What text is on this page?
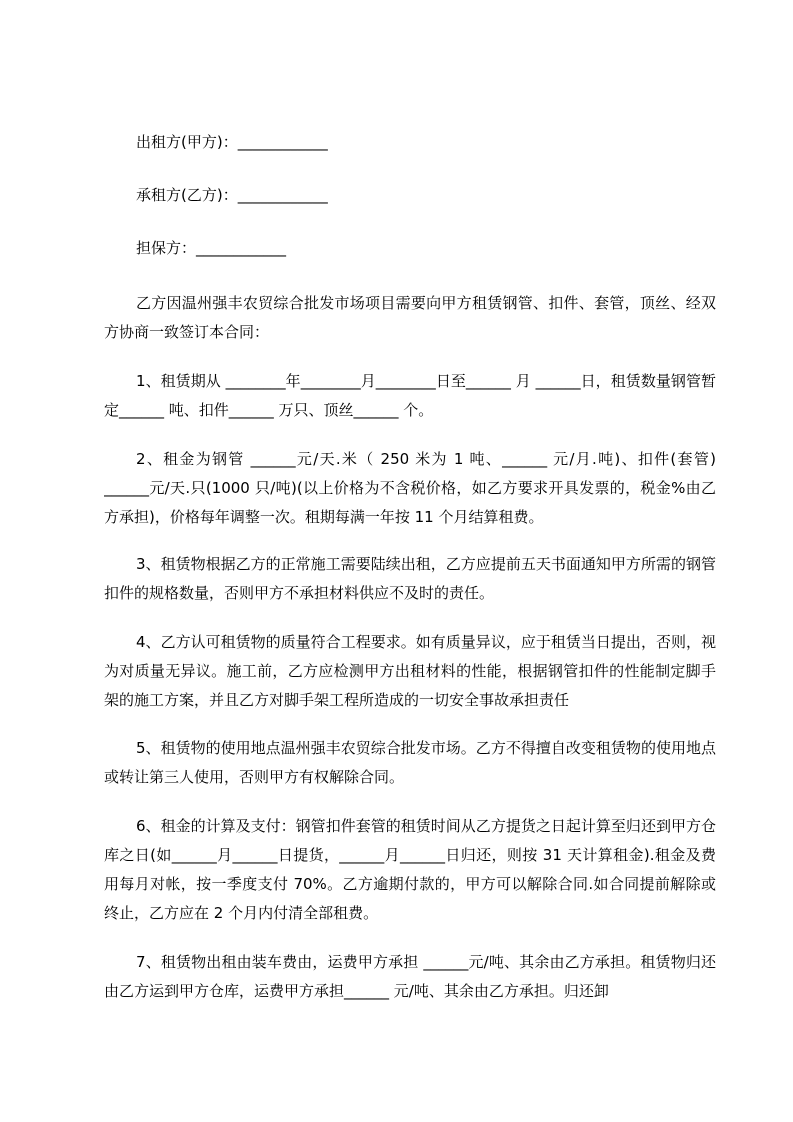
出租方(甲方)：____________
承租方(乙方)：____________
担保方：____________

乙方因温州强丰农贸综合批发市场项目需要向甲方租赁钢管、扣件、套管，顶丝、经双方协商一致签订本合同：

1、租赁期从 ________年________月________日至______ 月 ______日，租赁数量钢管暂定______ 吨、扣件______ 万只、顶丝______ 个。

2、租金为钢管 ______元/天.米（ 250 米为 1 吨、______ 元/月.吨)、扣件(套管) ______元/天.只(1000 只/吨)(以上价格为不含税价格，如乙方要求开具发票的，税金%由乙方承担)，价格每年调整一次。租期每满一年按 11 个月结算租费。

3、租赁物根据乙方的正常施工需要陆续出租，乙方应提前五天书面通知甲方所需的钢管扣件的规格数量，否则甲方不承担材料供应不及时的责任。

4、乙方认可租赁物的质量符合工程要求。如有质量异议，应于租赁当日提出，否则，视为对质量无异议。施工前，乙方应检测甲方出租材料的性能，根据钢管扣件的性能制定脚手架的施工方案，并且乙方对脚手架工程所造成的一切安全事故承担责任

5、租赁物的使用地点温州强丰农贸综合批发市场。乙方不得擅自改变租赁物的使用地点或转让第三人使用，否则甲方有权解除合同。

6、租金的计算及支付：钢管扣件套管的租赁时间从乙方提货之日起计算至归还到甲方仓库之日(如______月______日提货，______月______日归还，则按 31 天计算租金).租金及费用每月对帐，按一季度支付 70%。乙方逾期付款的，甲方可以解除合同.如合同提前解除或终止，乙方应在 2 个月内付清全部租费。

7、租赁物出租由装车费由，运费甲方承担 ______元/吨、其余由乙方承担。租赁物归还由乙方运到甲方仓库，运费甲方承担______ 元/吨、其余由乙方承担。归还卸
